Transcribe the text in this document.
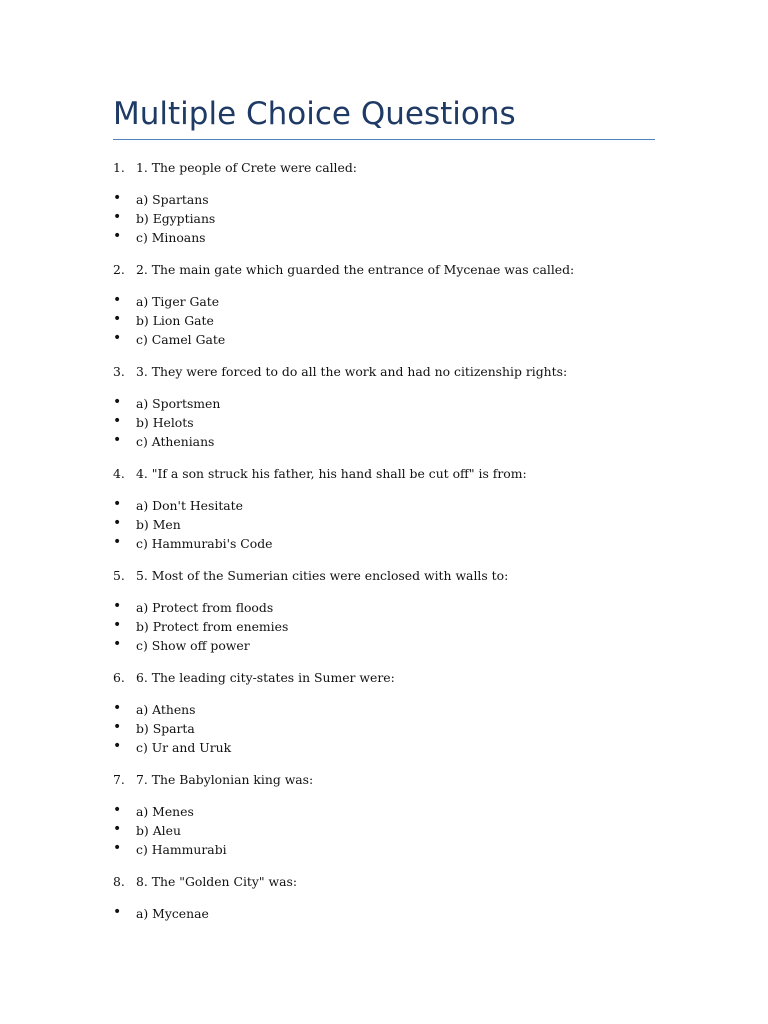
Multiple Choice Questions
1. 1. The people of Crete were called:
• a) Spartans
• b) Egyptians
• c) Minoans
2. 2. The main gate which guarded the entrance of Mycenae was called:
• a) Tiger Gate
• b) Lion Gate
• c) Camel Gate
3. 3. They were forced to do all the work and had no citizenship rights:
• a) Sportsmen
• b) Helots
• c) Athenians
4. 4. "If a son struck his father, his hand shall be cut off" is from:
• a) Don't Hesitate
• b) Men
• c) Hammurabi's Code
5. 5. Most of the Sumerian cities were enclosed with walls to:
• a) Protect from floods
• b) Protect from enemies
• c) Show off power
6. 6. The leading city-states in Sumer were:
• a) Athens
• b) Sparta
• c) Ur and Uruk
7. 7. The Babylonian king was:
• a) Menes
• b) Aleu
• c) Hammurabi
8. 8. The "Golden City" was:
• a) Mycenae
